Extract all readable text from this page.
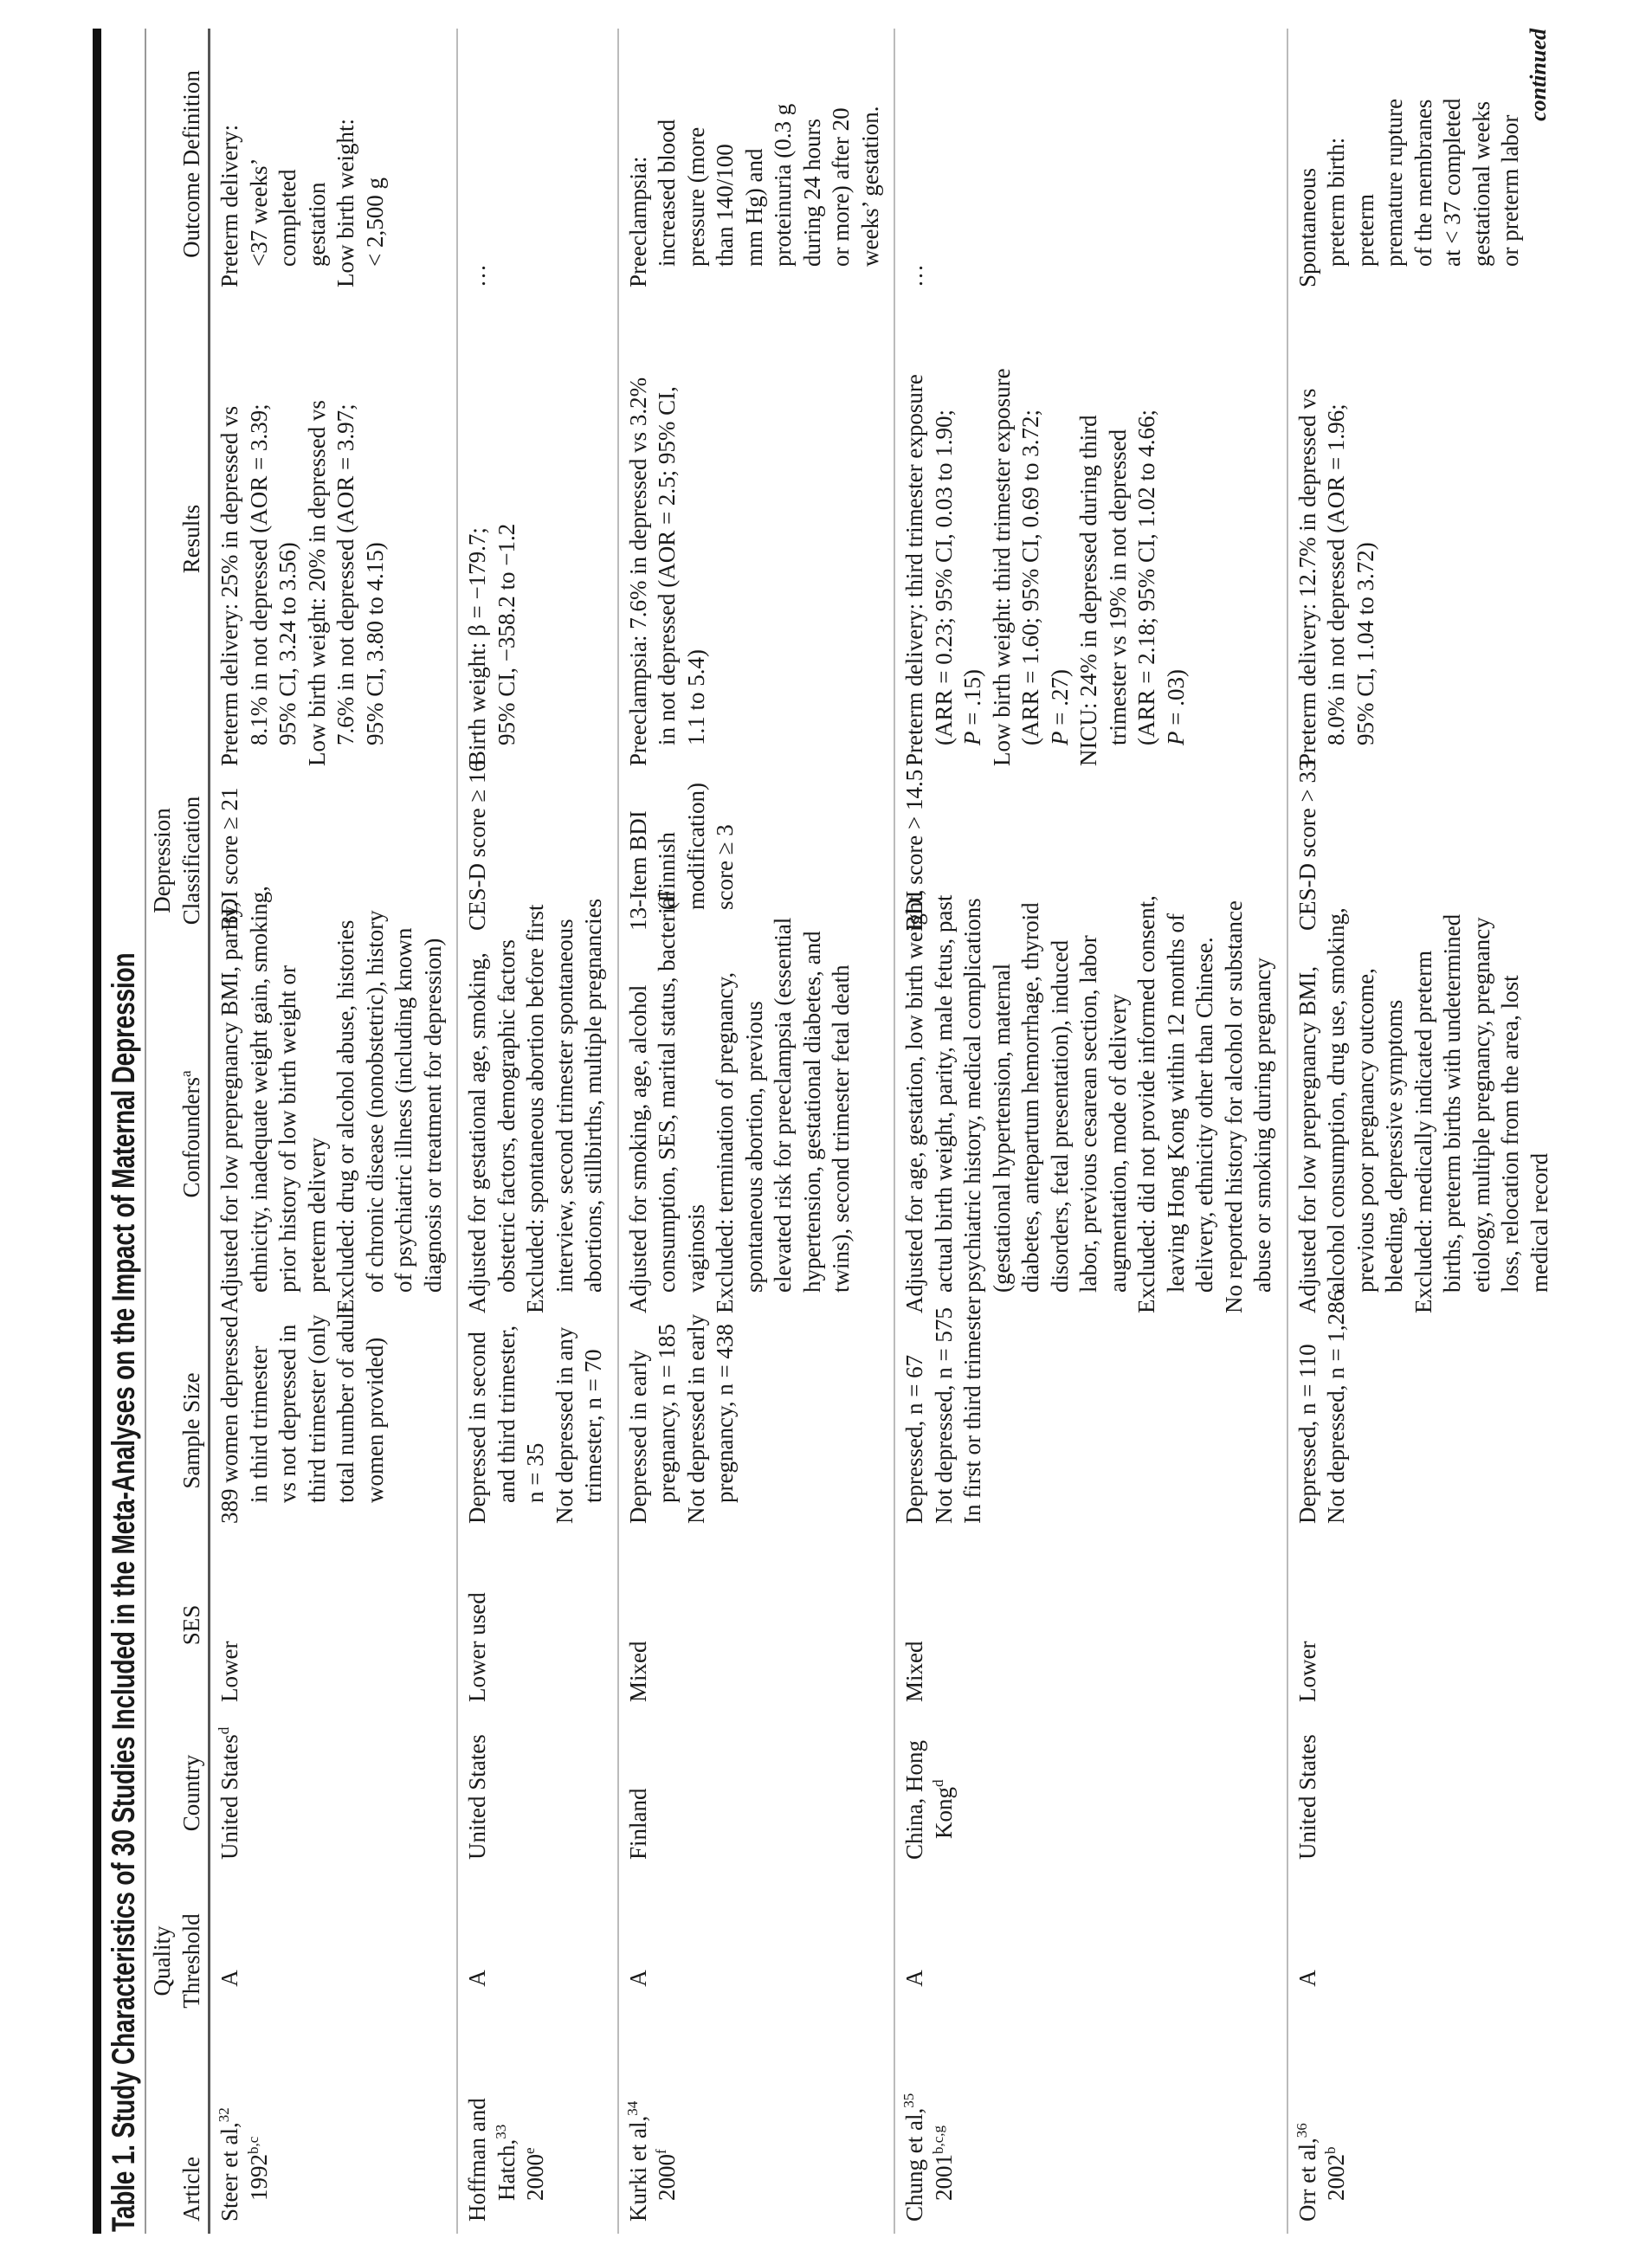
Table 1. Study Characteristics of 30 Studies Included in the Meta-Analyses on the Impact of Maternal Depression Article
Quality Threshold
Country
SES
Sample Size
Confounders$^a$
Depression Classification
Results
Outcome Definition
Steer et al,$^{32}$
1992$^{b,c}$
A
United States$^d$
Lower
389 women depressed in third trimester vs not depressed in third trimester (only total number of adult women provided)
Adjusted for low prepregnancy BMI, parity, ethnicity, inadequate weight gain, smoking, prior history of low birth weight or preterm delivery Excluded: drug or alcohol abuse, histories of chronic disease (nonobstetric), history of psychiatric illness (including known diagnosis or treatment for depression)
BDI score ≥ 21
Preterm delivery: 25% in depressed vs 8.1% in not depressed (AOR = 3.39; 95% CI, 3.24 to 3.56) Low birth weight: 20% in depressed vs 7.6% in not depressed (AOR = 3.97; 95% CI, 3.80 to 4.15)
Preterm delivery: <37 weeks’ completed gestation Low birth weight: < 2,500 g
Hoffman and Hatch,$^{33}$
2000e
A
United States
Lower used
Depressed in second and third trimester, n = 35 Not depressed in any trimester, n = 70
Adjusted for gestational age, smoking, obstetric factors, demographic factors Excluded: spontaneous abortion before first interview, second trimester spontaneous abortions, stillbirths, multiple pregnancies
CES-D score ≥ 16
Birth weight: β = −179.7; 95% CI, −358.2 to −1.2
…
Kurki et al,$^{34}$
2000$^f$
A
Finland
Mixed
Depressed in early pregnancy, n = 185 Not depressed in early pregnancy, n = 438
Adjusted for smoking, age, alcohol consumption, SES, marital status, bacterial vaginosis Excluded: termination of pregnancy, spontaneous abortion, previous elevated risk for preeclampsia (essential hypertension, gestational diabetes, and twins), second trimester fetal death
13-Item BDI (Finnish modification) score ≥ 3
Preeclampsia: 7.6% in depressed vs 3.2% in not depressed (AOR = 2.5; 95% CI, 1.1 to 5.4)
Preeclampsia: increased blood pressure (more than 140/100 mm Hg) and proteinuria (0.3 g during 24 hours or more) after 20 weeks’ gestation.
Chung et al,$^{35}$
2001$^{b,c,g}$
A
China, Hong Kong$^d$
Mixed
Depressed, n = 67 Not depressed, n = 575 In first or third trimester
Adjusted for age, gestation, low birth weight, actual birth weight, parity, male fetus, past psychiatric history, medical complications (gestational hypertension, maternal diabetes, antepartum hemorrhage, thyroid disorders, fetal presentation), induced labor, previous cesarean section, labor augmentation, mode of delivery Excluded: did not provide informed consent, leaving Hong Kong within 12 months of delivery, ethnicity other than Chinese. No reported history for alcohol or substance abuse or smoking during pregnancy
BDI score > 14.5
Preterm delivery: third trimester exposure (ARR = 0.23; 95% CI, 0.03 to 1.90; P = .15) Low birth weight: third trimester exposure (ARR = 1.60; 95% CI, 0.69 to 3.72; P = .27) NICU: 24% in depressed during third trimester vs 19% in not depressed (ARR = 2.18; 95% CI, 1.02 to 4.66; P = .03)
…
Orr et al,$^{36}$
2002$^b$
A
United States
Lower
Depressed, n = 110 Not depressed, n = 1,286
Adjusted for low prepregnancy BMI, alcohol consumption, drug use, smoking, previous poor pregnancy outcome, bleeding, depressive symptoms Excluded: medically indicated preterm births, preterm births with undetermined etiology, multiple pregnancy, pregnancy loss, relocation from the area, lost medical record
CES-D score > 33
Preterm delivery: 12.7% in depressed vs 8.0% in not depressed (AOR = 1.96; 95% CI, 1.04 to 3.72)
Spontaneous preterm birth: preterm premature rupture of the membranes at < 37 completed gestational weeks or preterm labor
continued
